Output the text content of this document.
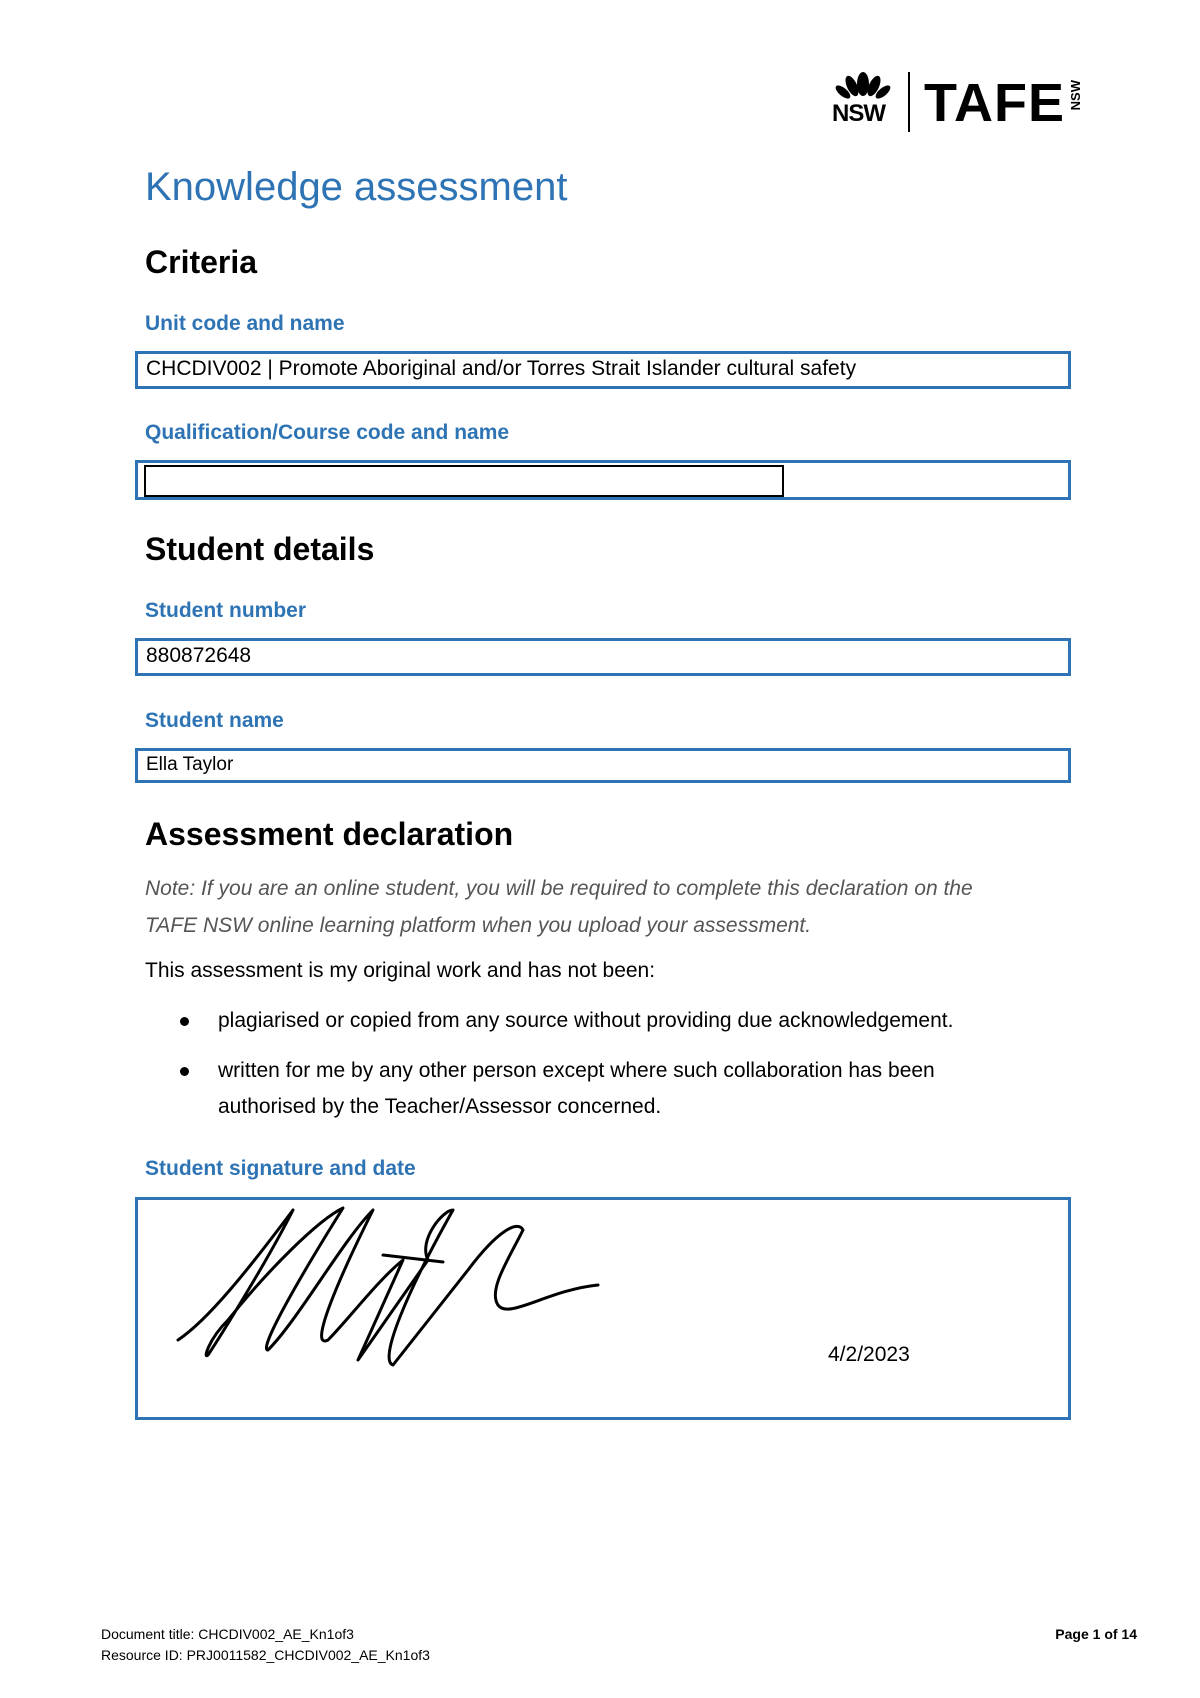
NSW TAFE NSW
Knowledge assessment
Criteria
Unit code and name
CHCDIV002 | Promote Aboriginal and/or Torres Strait Islander cultural safety
Qualification/Course code and name
Student details
Student number
880872648
Student name
Ella Taylor
Assessment declaration
Note: If you are an online student, you will be required to complete this declaration on the
TAFE NSW online learning platform when you upload your assessment.
This assessment is my original work and has not been:
plagiarised or copied from any source without providing due acknowledgement.
written for me by any other person except where such collaboration has been authorised by the Teacher/Assessor concerned.
Student signature and date
4/2/2023
Document title: CHCDIV002_AE_Kn1of3
Resource ID: PRJ0011582_CHCDIV002_AE_Kn1of3
Page 1 of 14
